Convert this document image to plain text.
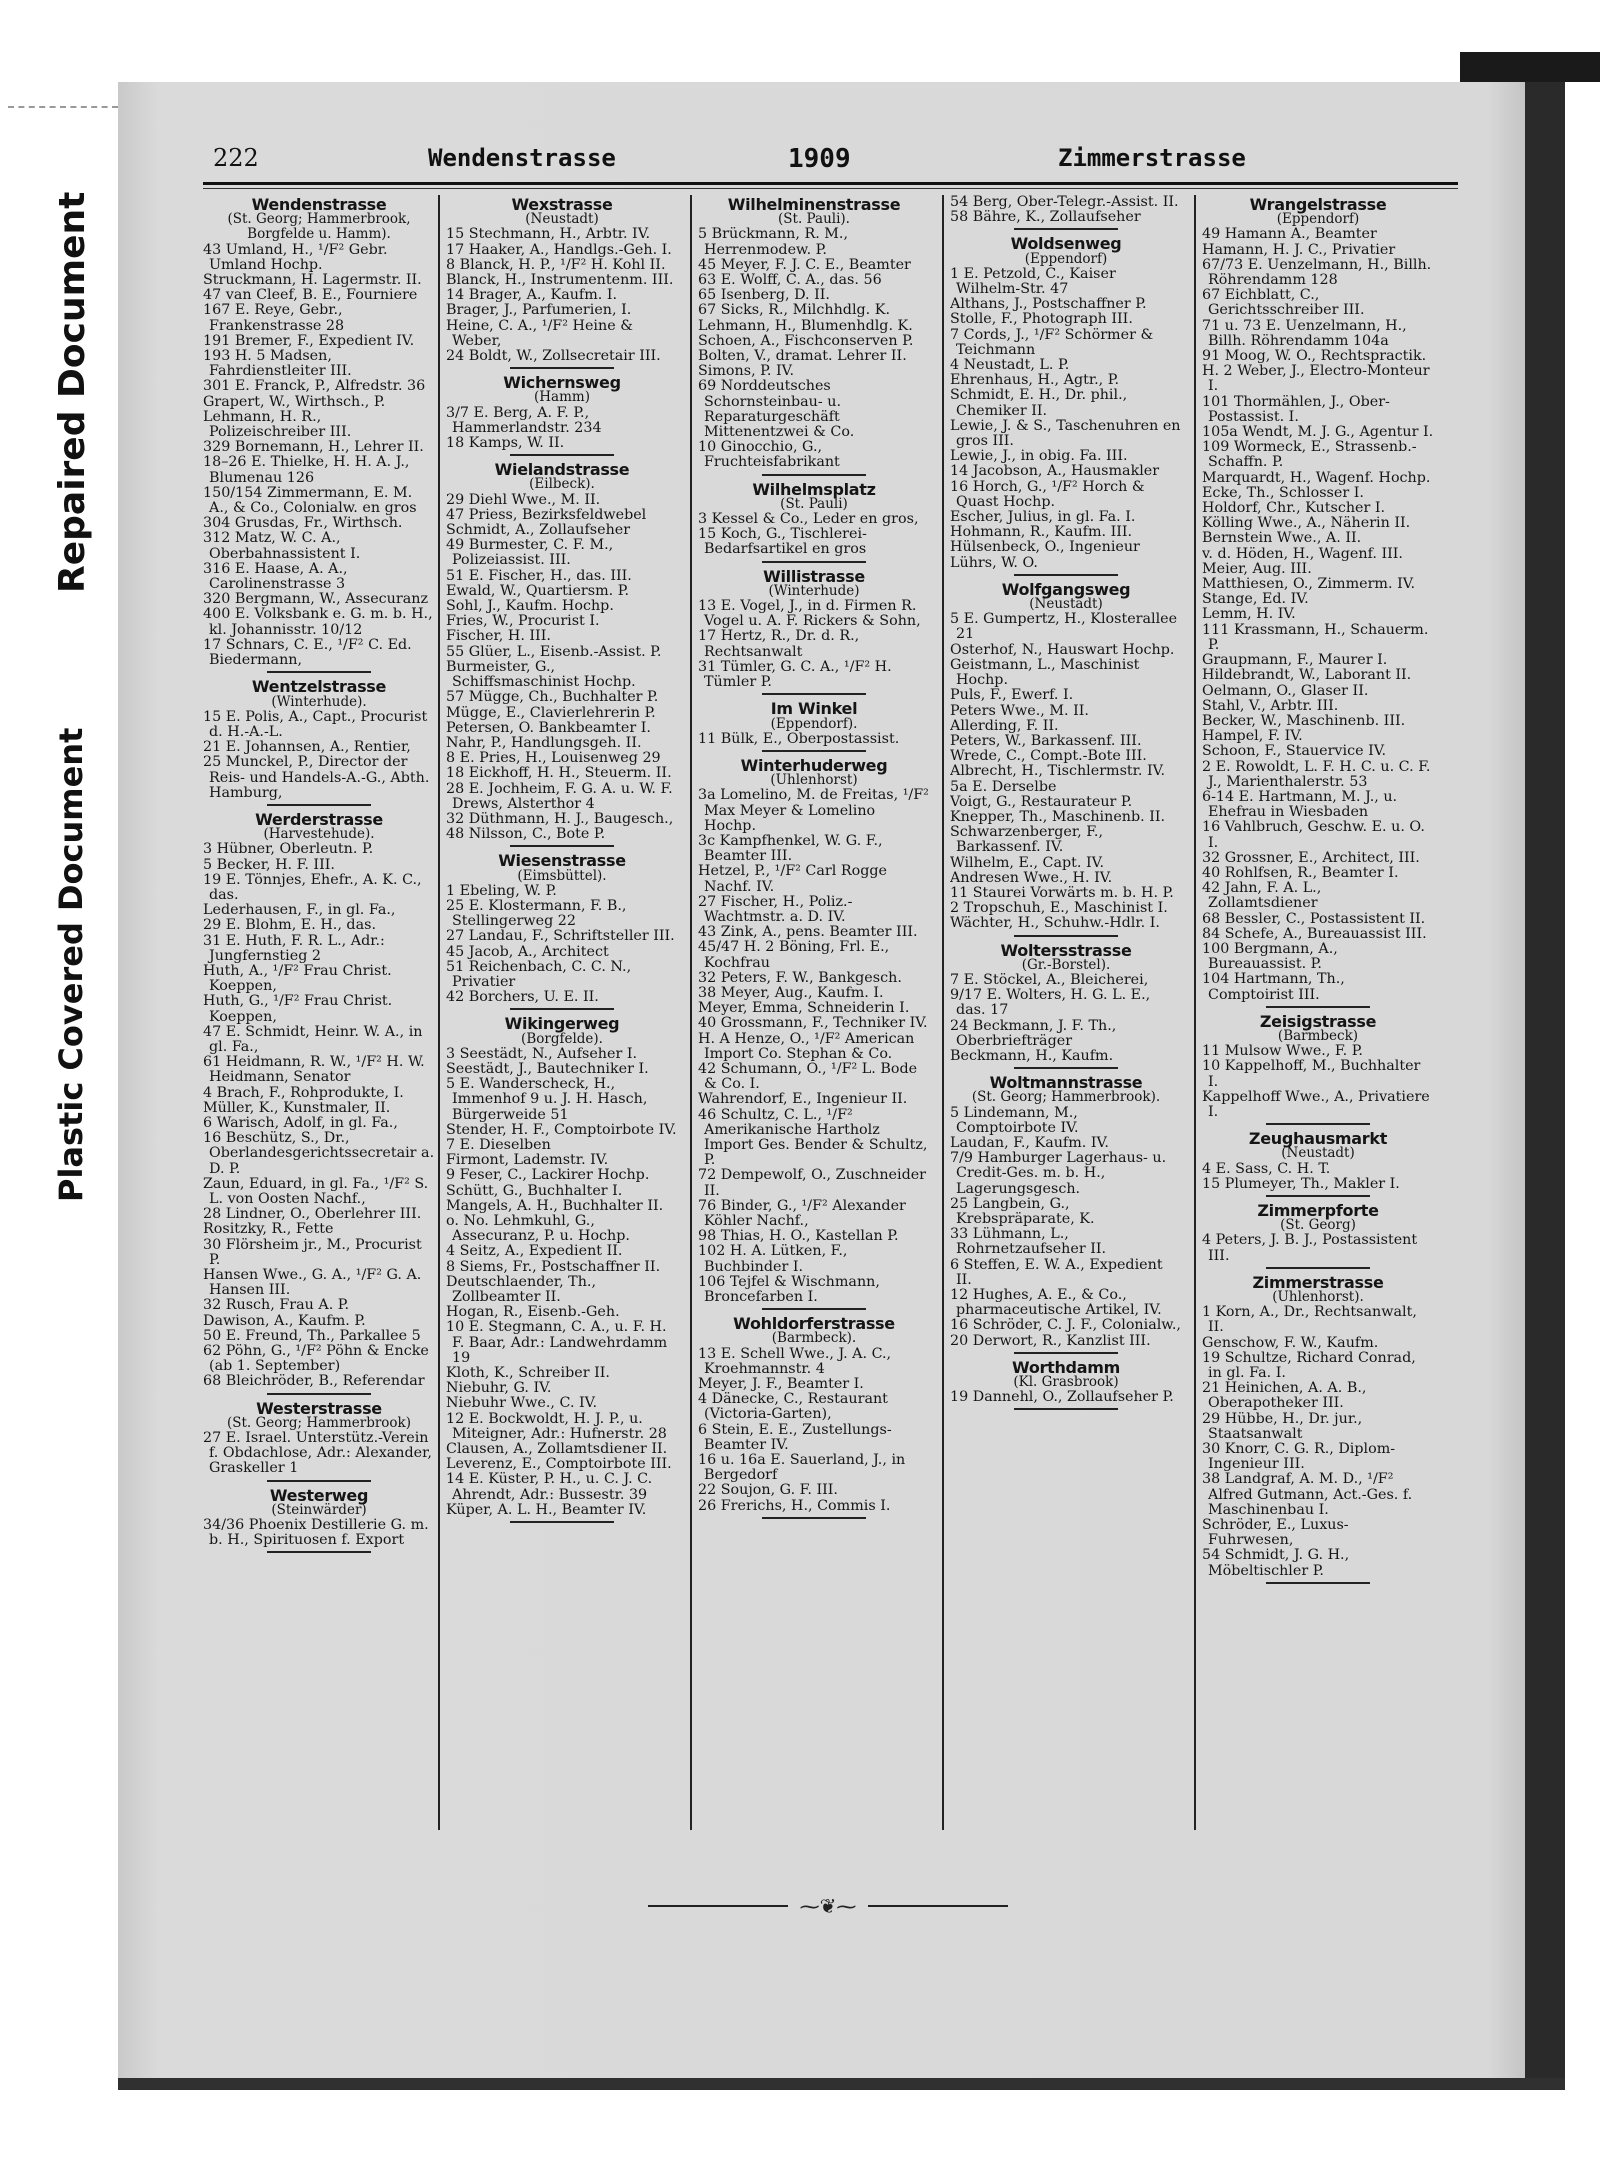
Repaired Document
Plastic Covered Document
222	Wendenstrasse	1909	Zimmerstrasse
Wendenstrasse
(St. Georg; Hammerbrook, Borgfelde u. Hamm).
43 Umland, H., ¹/F² Gebr. Umland Hochp.
Struckmann, H. Lagermstr. II.
47 van Cleef, B. E., Fourniere
167 E. Reye, Gebr., Frankenstrasse 28
191 Bremer, F., Expedient IV.
193 H. 5 Madsen, Fahrdienstleiter III.
301 E. Franck, P., Alfredstr. 36
Grapert, W., Wirthsch., P.
Lehmann, H. R., Polizeischreiber III.
329 Bornemann, H., Lehrer II.
18–26 E. Thielke, H. H. A. J., Blumenau 126
150/154 Zimmermann, E. M. A., & Co., Colonialw. en gros
304 Grusdas, Fr., Wirthsch.
312 Matz, W. C. A., Oberbahnassistent I.
316 E. Haase, A. A., Carolinenstrasse 3
320 Bergmann, W., Assecuranz
400 E. Volksbank e. G. m. b. H., kl. Johannisstr. 10/12
17 Schnars, C. E., ¹/F² C. Ed. Biedermann,
Wentzelstrasse
(Winterhude).
15 E. Polis, A., Capt., Procurist d. H.-A.-L.
21 E. Johannsen, A., Rentier,
25 Munckel, P., Director der Reis- und Handels-A.-G., Abth. Hamburg,
Werderstrasse
(Harvestehude).
3 Hübner, Oberleutn. P.
5 Becker, H. F. III.
19 E. Tönnjes, Ehefr., A. K. C., das.
Lederhausen, F., in gl. Fa.,
29 E. Blohm, E. H., das.
31 E. Huth, F. R. L., Adr.: Jungfernstieg 2
Huth, A., ¹/F² Frau Christ. Koeppen,
Huth, G., ¹/F² Frau Christ. Koeppen,
47 E. Schmidt, Heinr. W. A., in gl. Fa.,
61 Heidmann, R. W., ¹/F² H. W. Heidmann, Senator
4 Brach, F., Rohprodukte, I.
Müller, K., Kunstmaler, II.
6 Warisch, Adolf, in gl. Fa.,
16 Beschütz, S., Dr., Oberlandesgerichtssecretair a. D. P.
Zaun, Eduard, in gl. Fa., ¹/F² S. L. von Oosten Nachf.,
28 Lindner, O., Oberlehrer III.
Rositzky, R., Fette
30 Flörsheim jr., M., Procurist P.
Hansen Wwe., G. A., ¹/F² G. A. Hansen III.
32 Rusch, Frau A. P.
Dawison, A., Kaufm. P.
50 E. Freund, Th., Parkallee 5
62 Pöhn, G., ¹/F² Pöhn & Encke (ab 1. September)
68 Bleichröder, B., Referendar
Westerstrasse
(St. Georg; Hammerbrook)
27 E. Israel. Unterstütz.-Verein f. Obdachlose, Adr.: Alexander, Graskeller 1
Westerweg
(Steinwärder)
34/36 Phoenix Destillerie G. m. b. H., Spirituosen f. Export
Wexstrasse
(Neustadt)
15 Stechmann, H., Arbtr. IV.
17 Haaker, A., Handlgs.-Geh. I.
8 Blanck, H. P., ¹/F² H. Kohl II.
Blanck, H., Instrumentenm. III.
14 Brager, A., Kaufm. I.
Brager, J., Parfumerien, I.
Heine, C. A., ¹/F² Heine & Weber,
24 Boldt, W., Zollsecretair III.
Wichernsweg
(Hamm)
3/7 E. Berg, A. F. P., Hammerlandstr. 234
18 Kamps, W. II.
Wielandstrasse
(Eilbeck).
29 Diehl Wwe., M. II.
47 Priess, Bezirksfeldwebel
Schmidt, A., Zollaufseher
49 Burmester, C. F. M., Polizeiassist. III.
51 E. Fischer, H., das. III.
Ewald, W., Quartiersm. P.
Sohl, J., Kaufm. Hochp.
Fries, W., Procurist I.
Fischer, H. III.
55 Glüer, L., Eisenb.-Assist. P.
Burmeister, G., Schiffsmaschinist Hochp.
57 Mügge, Ch., Buchhalter P.
Mügge, E., Clavierlehrerin P.
Petersen, O. Bankbeamter I.
Nahr, P., Handlungsgeh. II.
8 E. Pries, H., Louisenweg 29
18 Eickhoff, H. H., Steuerm. II.
28 E. Jochheim, F. G. A. u. W. F. Drews, Alsterthor 4
32 Düthmann, H. J., Baugesch.,
48 Nilsson, C., Bote P.
Wiesenstrasse
(Eimsbüttel).
1 Ebeling, W. P.
25 E. Klostermann, F. B., Stellingerweg 22
27 Landau, F., Schriftsteller III.
45 Jacob, A., Architect
51 Reichenbach, C. C. N., Privatier
42 Borchers, U. E. II.
Wikingerweg
(Borgfelde).
3 Seestädt, N., Aufseher I.
Seestädt, J., Bautechniker I.
5 E. Wanderscheck, H., Immenhof 9 u. J. H. Hasch, Bürgerweide 51
Stender, H. F., Comptoirbote IV.
7 E. Dieselben
Firmont, Lademstr. IV.
9 Feser, C., Lackirer Hochp.
Schütt, G., Buchhalter I.
Mangels, A. H., Buchhalter II.
o. No. Lehmkuhl, G., Assecuranz, P. u. Hochp.
4 Seitz, A., Expedient II.
8 Siems, Fr., Postschaffner II.
Deutschlaender, Th., Zollbeamter II.
Hogan, R., Eisenb.-Geh.
10 E. Stegmann, C. A., u. F. H. F. Baar, Adr.: Landwehrdamm 19
Kloth, K., Schreiber II.
Niebuhr, G. IV.
Niebuhr Wwe., C. IV.
12 E. Bockwoldt, H. J. P., u. Miteigner, Adr.: Hufnerstr. 28
Clausen, A., Zollamtsdiener II.
Leverenz, E., Comptoirbote III.
14 E. Küster, P. H., u. C. J. C. Ahrendt, Adr.: Bussestr. 39
Küper, A. L. H., Beamter IV.
Wilhelminenstrasse
(St. Pauli).
5 Brückmann, R. M., Herrenmodew. P.
45 Meyer, F. J. C. E., Beamter
63 E. Wolff, C. A., das. 56
65 Isenberg, D. II.
67 Sicks, R., Milchhdlg. K.
Lehmann, H., Blumenhdlg. K.
Schoen, A., Fischconserven P.
Bolten, V., dramat. Lehrer II.
Simons, P. IV.
69 Norddeutsches Schornsteinbau- u. Reparaturgeschäft Mittenentzwei & Co.
10 Ginocchio, G., Fruchteisfabrikant
Wilhelmsplatz
(St. Pauli)
3 Kessel & Co., Leder en gros,
15 Koch, G., Tischlerei-Bedarfsartikel en gros
Willistrasse
(Winterhude)
13 E. Vogel, J., in d. Firmen R. Vogel u. A. F. Rickers & Sohn,
17 Hertz, R., Dr. d. R., Rechtsanwalt
31 Tümler, G. C. A., ¹/F² H. Tümler P.
Im Winkel
(Eppendorf).
11 Bülk, E., Oberpostassist.
Winterhuderweg
(Uhlenhorst)
3a Lomelino, M. de Freitas, ¹/F² Max Meyer & Lomelino Hochp.
3c Kampfhenkel, W. G. F., Beamter III.
Hetzel, P., ¹/F² Carl Rogge Nachf. IV.
27 Fischer, H., Poliz.-Wachtmstr. a. D. IV.
43 Zink, A., pens. Beamter III.
45/47 H. 2 Böning, Frl. E., Kochfrau
32 Peters, F. W., Bankgesch.
38 Meyer, Aug., Kaufm. I.
Meyer, Emma, Schneiderin I.
40 Grossmann, F., Techniker IV.
H. A Henze, O., ¹/F² American Import Co. Stephan & Co.
42 Schumann, O., ¹/F² L. Bode & Co. I.
Wahrendorf, E., Ingenieur II.
46 Schultz, C. L., ¹/F² Amerikanische Hartholz Import Ges. Bender & Schultz, P.
72 Dempewolf, O., Zuschneider II.
76 Binder, G., ¹/F² Alexander Köhler Nachf.,
98 Thias, H. O., Kastellan P.
102 H. A. Lütken, F., Buchbinder I.
106 Tejfel & Wischmann, Broncefarben I.
Wohldorferstrasse
(Barmbeck).
13 E. Schell Wwe., J. A. C., Kroehmannstr. 4
Meyer, J. F., Beamter I.
4 Dänecke, C., Restaurant (Victoria-Garten),
6 Stein, E. E., Zustellungs-Beamter IV.
16 u. 16a E. Sauerland, J., in Bergedorf
22 Soujon, G. F. III.
26 Frerichs, H., Commis I.
54 Berg, Ober-Telegr.-Assist. II.
58 Bähre, K., Zollaufseher
Woldsenweg
(Eppendorf)
1 E. Petzold, C., Kaiser Wilhelm-Str. 47
Althans, J., Postschaffner P.
Stolle, F., Photograph III.
7 Cords, J., ¹/F² Schörmer & Teichmann
4 Neustadt, L. P.
Ehrenhaus, H., Agtr., P.
Schmidt, E. H., Dr. phil., Chemiker II.
Lewie, J. & S., Taschenuhren en gros III.
Lewie, J., in obig. Fa. III.
14 Jacobson, A., Hausmakler
16 Horch, G., ¹/F² Horch & Quast Hochp.
Escher, Julius, in gl. Fa. I.
Hohmann, R., Kaufm. III.
Hülsenbeck, O., Ingenieur
Lührs, W. O.
Wolfgangsweg
(Neustadt)
5 E. Gumpertz, H., Klosterallee 21
Osterhof, N., Hauswart Hochp.
Geistmann, L., Maschinist Hochp.
Puls, F., Ewerf. I.
Peters Wwe., M. II.
Allerding, F. II.
Peters, W., Barkassenf. III.
Wrede, C., Compt.-Bote III.
Albrecht, H., Tischlermstr. IV.
5a E. Derselbe
Voigt, G., Restaurateur P.
Knepper, Th., Maschinenb. II.
Schwarzenberger, F., Barkassenf. IV.
Wilhelm, E., Capt. IV.
Andresen Wwe., H. IV.
11 Staurei Vorwärts m. b. H. P.
2 Tropschuh, E., Maschinist I.
Wächter, H., Schuhw.-Hdlr. I.
Woltersstrasse
(Gr.-Borstel).
7 E. Stöckel, A., Bleicherei,
9/17 E. Wolters, H. G. L. E., das. 17
24 Beckmann, J. F. Th., Oberbriefträger
Beckmann, H., Kaufm.
Woltmannstrasse
(St. Georg; Hammerbrook).
5 Lindemann, M., Comptoirbote IV.
Laudan, F., Kaufm. IV.
7/9 Hamburger Lagerhaus- u. Credit-Ges. m. b. H., Lagerungsgesch.
25 Langbein, G., Krebspräparate, K.
33 Lühmann, L., Rohrnetzaufseher II.
6 Steffen, E. W. A., Expedient II.
12 Hughes, A. E., & Co., pharmaceutische Artikel, IV.
16 Schröder, C. J. F., Colonialw.,
20 Derwort, R., Kanzlist III.
Worthdamm
(Kl. Grasbrook)
19 Dannehl, O., Zollaufseher P.
Wrangelstrasse
(Eppendorf)
49 Hamann A., Beamter
Hamann, H. J. C., Privatier
67/73 E. Uenzelmann, H., Billh. Röhrendamm 128
67 Eichblatt, C., Gerichtsschreiber III.
71 u. 73 E. Uenzelmann, H., Billh. Röhrendamm 104a
91 Moog, W. O., Rechtspractik.
H. 2 Weber, J., Electro-Monteur I.
101 Thormählen, J., Ober-Postassist. I.
105a Wendt, M. J. G., Agentur I.
109 Wormeck, E., Strassenb.-Schaffn. P.
Marquardt, H., Wagenf. Hochp.
Ecke, Th., Schlosser I.
Holdorf, Chr., Kutscher I.
Kölling Wwe., A., Näherin II.
Bernstein Wwe., A. II.
v. d. Höden, H., Wagenf. III.
Meier, Aug. III.
Matthiesen, O., Zimmerm. IV.
Stange, Ed. IV.
Lemm, H. IV.
111 Krassmann, H., Schauerm. P.
Graupmann, F., Maurer I.
Hildebrandt, W., Laborant II.
Oelmann, O., Glaser II.
Stahl, V., Arbtr. III.
Becker, W., Maschinenb. III.
Hampel, F. IV.
Schoon, F., Stauervice IV.
2 E. Rowoldt, L. F. H. C. u. C. F. J., Marienthalerstr. 53
6-14 E. Hartmann, M. J., u. Ehefrau in Wiesbaden
16 Vahlbruch, Geschw. E. u. O. I.
32 Grossner, E., Architect, III.
40 Rohlfsen, R., Beamter I.
42 Jahn, F. A. L., Zollamtsdiener
68 Bessler, C., Postassistent II.
84 Schefe, A., Bureauassist III.
100 Bergmann, A., Bureauassist. P.
104 Hartmann, Th., Comptoirist III.
Zeisigstrasse
(Barmbeck)
11 Mulsow Wwe., F. P.
10 Kappelhoff, M., Buchhalter I.
Kappelhoff Wwe., A., Privatiere I.
Zeughausmarkt
(Neustadt)
4 E. Sass, C. H. T.
15 Plumeyer, Th., Makler I.
Zimmerpforte
(St. Georg)
4 Peters, J. B. J., Postassistent III.
Zimmerstrasse
(Uhlenhorst).
1 Korn, A., Dr., Rechtsanwalt, II.
Genschow, F. W., Kaufm.
19 Schultze, Richard Conrad, in gl. Fa. I.
21 Heinichen, A. A. B., Oberapotheker III.
29 Hübbe, H., Dr. jur., Staatsanwalt
30 Knorr, C. G. R., Diplom-Ingenieur III.
38 Landgraf, A. M. D., ¹/F² Alfred Gutmann, Act.-Ges. f. Maschinenbau I.
Schröder, E., Luxus-Fuhrwesen,
54 Schmidt, J. G. H., Möbeltischler P.
⁓❦⁓
